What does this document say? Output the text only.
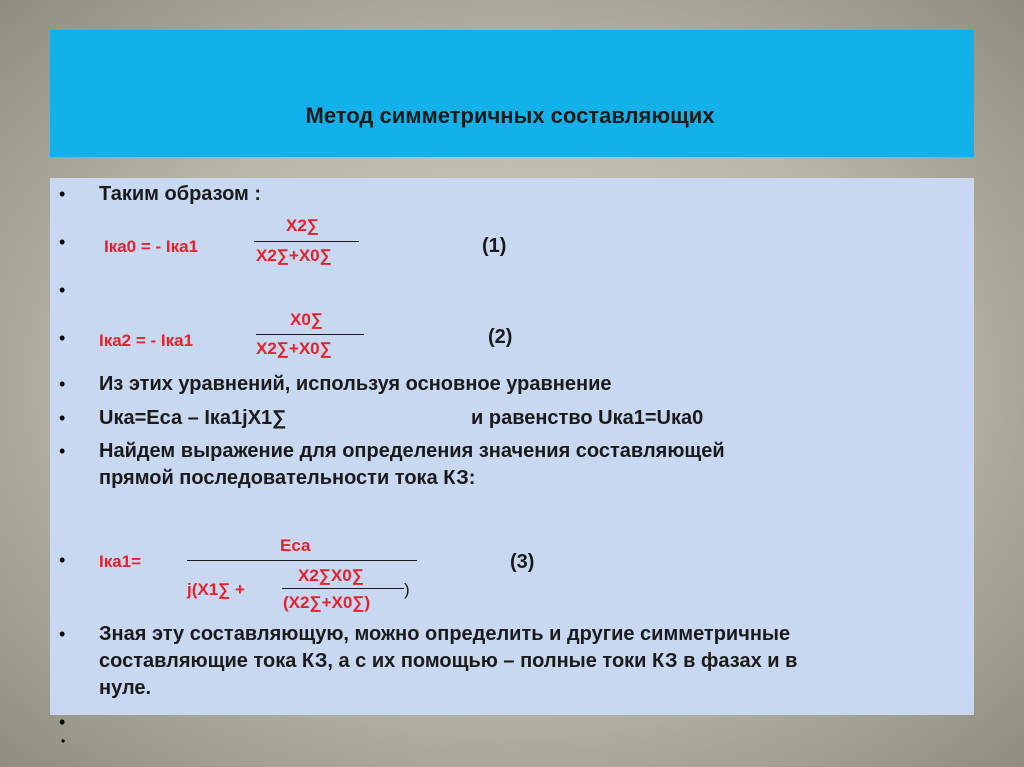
Метод симметричных составляющих
•
•
•
•
•
•
•
•
•
•
•
Таким образом :
Iка0 = - Iка1
X2∑
X2∑+X0∑	(1)
Iка2 = - Iка1
X0∑
X2∑+X0∑
(2)
Из этих уравнений, используя основное уравнение
Uка=Eса – Iка1jX1∑	и равенство Uка1=Uка0
Найдем выражение для определения значения составляющей
прямой последовательности тока КЗ:
Iка1=
Eса
j(X1∑ +
X2∑X0∑
(X2∑+X0∑)
)
(3)
Зная эту составляющую, можно определить и другие симметричные
составляющие тока КЗ, а с их помощью – полные токи КЗ в фазах и в
нуле.
